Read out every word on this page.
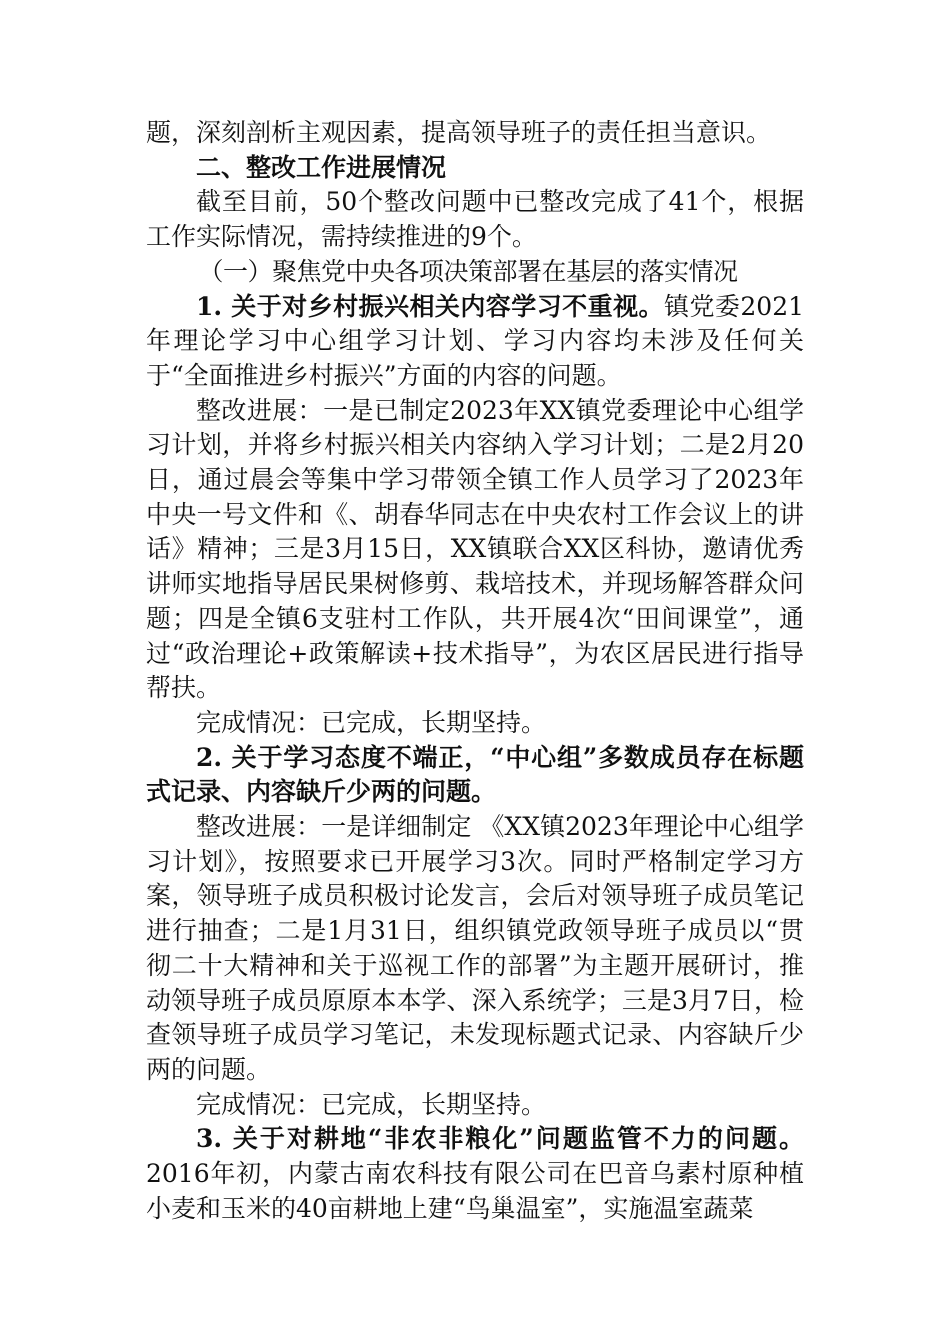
题，深刻剖析主观因素，提高领导班子的责任担当意识。

二、整改工作进展情况

截至目前，50个整改问题中已整改完成了41个，根据工作实际情况，需持续推进的9个。

（一）聚焦党中央各项决策部署在基层的落实情况

1. 关于对乡村振兴相关内容学习不重视。镇党委2021年理论学习中心组学习计划、学习内容均未涉及任何关于“全面推进乡村振兴”方面的内容的问题。

整改进展：一是已制定2023年XX镇党委理论中心组学习计划，并将乡村振兴相关内容纳入学习计划；二是2月20日，通过晨会等集中学习带领全镇工作人员学习了2023年中央一号文件和《、胡春华同志在中央农村工作会议上的讲话》精神；三是3月15日，XX镇联合XX区科协，邀请优秀讲师实地指导居民果树修剪、栽培技术，并现场解答群众问题；四是全镇6支驻村工作队，共开展4次“田间课堂”，通过“政治理论+政策解读+技术指导”，为农区居民进行指导帮扶。

完成情况：已完成，长期坚持。

2. 关于学习态度不端正，“中心组”多数成员存在标题式记录、内容缺斤少两的问题。

整改进展：一是详细制定 《XX镇2023年理论中心组学习计划》，按照要求已开展学习3次。同时严格制定学习方案，领导班子成员积极讨论发言，会后对领导班子成员笔记进行抽查；二是1月31日，组织镇党政领导班子成员以“贯彻二十大精神和关于巡视工作的部署”为主题开展研讨，推动领导班子成员原原本本学、深入系统学；三是3月7日，检查领导班子成员学习笔记，未发现标题式记录、内容缺斤少两的问题。

完成情况：已完成，长期坚持。

3. 关于对耕地“非农非粮化”问题监管不力的问题。2016年初，内蒙古南农科技有限公司在巴音乌素村原种植小麦和玉米的40亩耕地上建“鸟巢温室”，实施温室蔬菜
